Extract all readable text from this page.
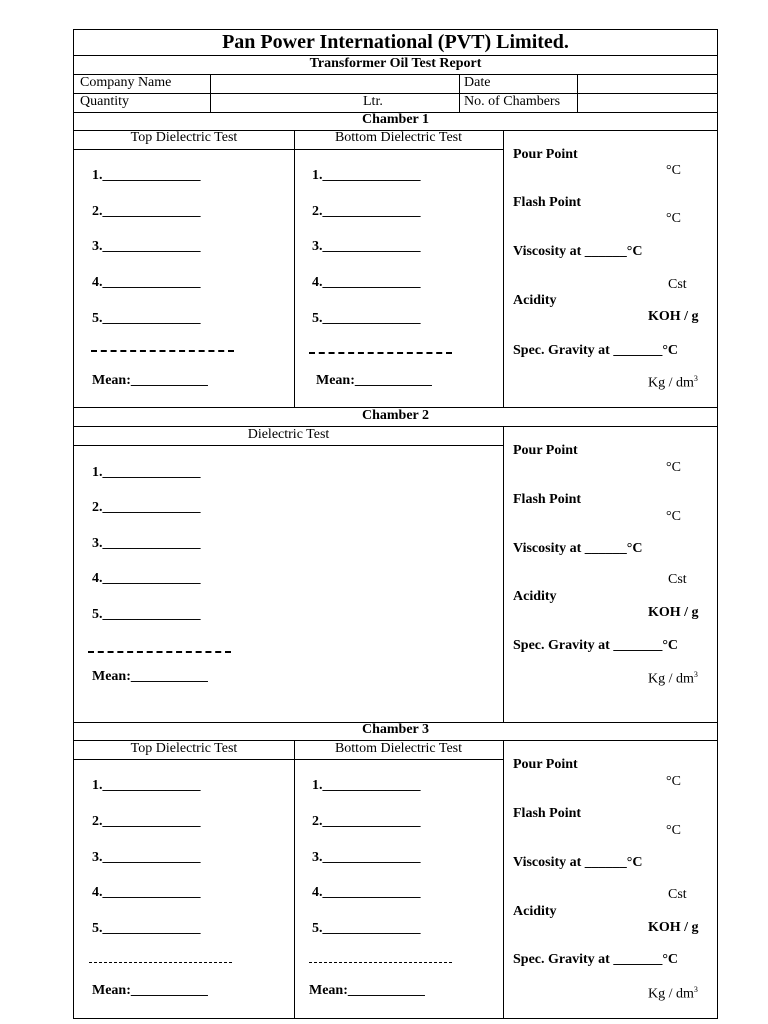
Pan Power International (PVT) Limited.
Transformer Oil Test Report
Company Name	Date
Quantity	Ltr.	No. of Chambers
Chamber 1
Top Dielectric Test	Bottom Dielectric Test
1.______________
2.______________
3.______________
4.______________
5.______________
Mean:___________
1.______________
2.______________
3.______________
4.______________
5.______________
Mean:___________
Pour Point
°C
Flash Point
°C
Viscosity at ______°C
Cst
Acidity
KOH / g
Spec. Gravity at _______°C
Kg / $dm^3$
Chamber 2
Dielectric Test
1.______________
2.______________
3.______________
4.______________
5.______________
Mean:___________
Pour Point
°C
Flash Point
°C
Viscosity at ______°C
Cst
Acidity
KOH / g
Spec. Gravity at _______°C
Kg / $dm^3$
Chamber 3
Top Dielectric Test	Bottom Dielectric Test
1.______________
2.______________
3.______________
4.______________
5.______________
Mean:___________
1.______________
2.______________
3.______________
4.______________
5.______________
Mean:___________
Pour Point
°C
Flash Point
°C
Viscosity at ______°C
Cst
Acidity
KOH / g
Spec. Gravity at _______°C
Kg / $dm^3$
